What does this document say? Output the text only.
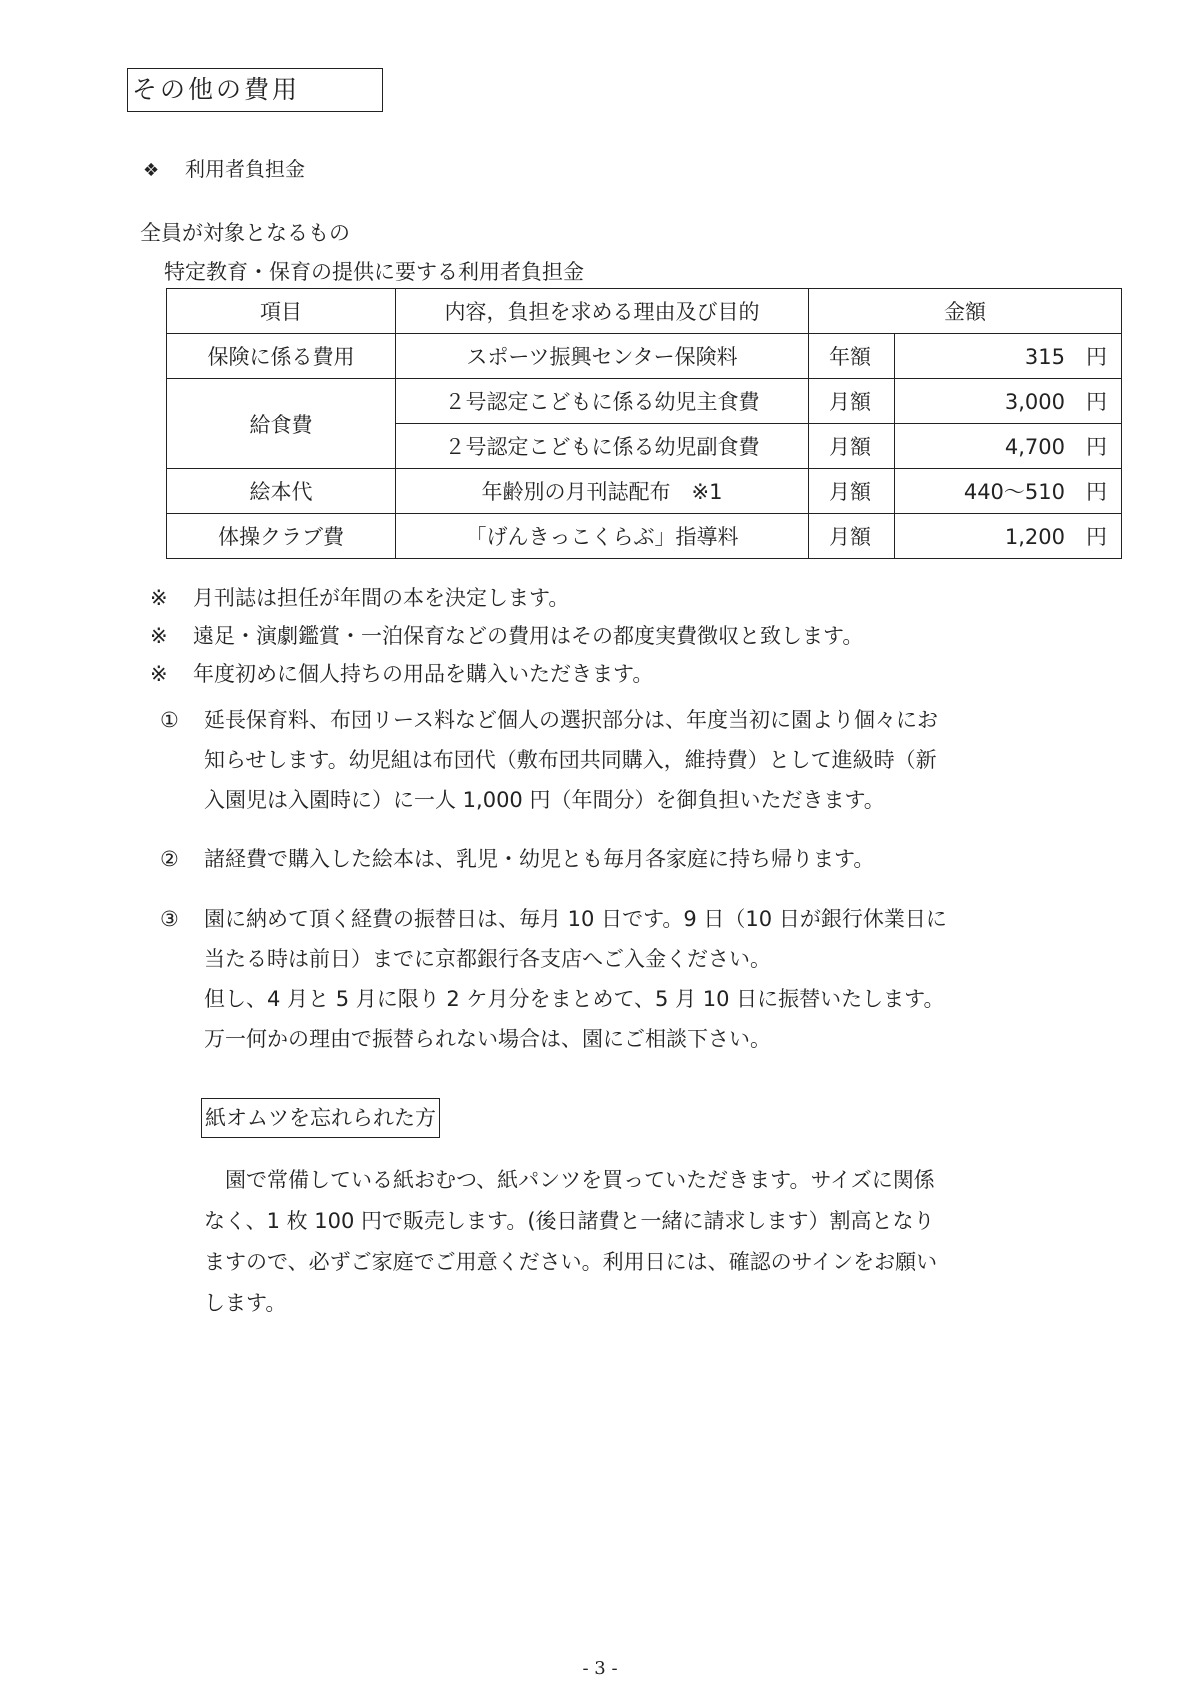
その他の費用
❖ 利用者負担金
全員が対象となるもの
特定教育・保育の提供に要する利用者負担金
項目	内容，負担を求める理由及び目的	金額	
保険に係る費用	スポーツ振興センター保険料	年額	315　円
給食費	２号認定こどもに係る幼児主食費	月額	3,000　円
	２号認定こどもに係る幼児副食費	月額	4,700　円
絵本代	年齢別の月刊誌配布　※1	月額	440〜510　円
体操クラブ費	「げんきっこくらぶ」指導料	月額	1,200　円
※ 月刊誌は担任が年間の本を決定します。
※ 遠足・演劇鑑賞・一泊保育などの費用はその都度実費徴収と致します。
※ 年度初めに個人持ちの用品を購入いただきます。
① 延長保育料、布団リース料など個人の選択部分は、年度当初に園より個々にお
知らせします。幼児組は布団代（敷布団共同購入，維持費）として進級時（新
入園児は入園時に）に一人 1,000 円（年間分）を御負担いただきます。
② 諸経費で購入した絵本は、乳児・幼児とも毎月各家庭に持ち帰ります。
③ 園に納めて頂く経費の振替日は、毎月 10 日です。9 日（10 日が銀行休業日に
当たる時は前日）までに京都銀行各支店へご入金ください。
但し、4 月と 5 月に限り 2 ケ月分をまとめて、5 月 10 日に振替いたします。
万一何かの理由で振替られない場合は、園にご相談下さい。
紙オムツを忘れられた方
　園で常備している紙おむつ、紙パンツを買っていただきます。サイズに関係
なく、1 枚 100 円で販売します。(後日諸費と一緒に請求します）割高となり
ますので、必ずご家庭でご用意ください。利用日には、確認のサインをお願い
します。
- 3 -
